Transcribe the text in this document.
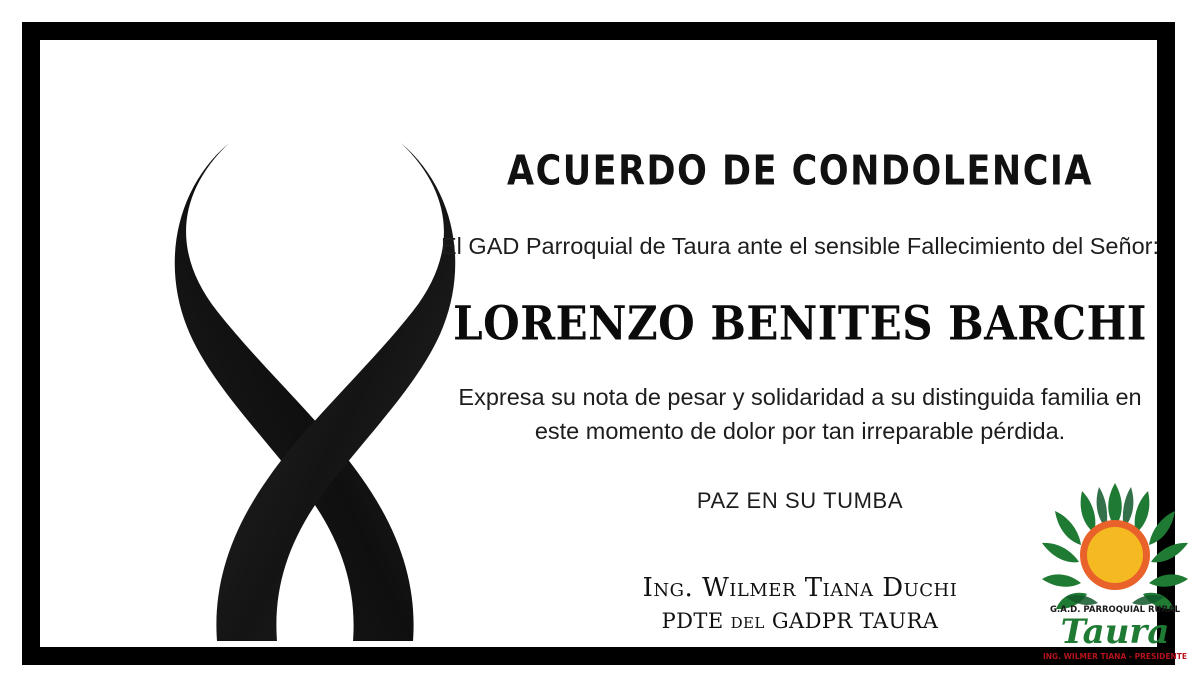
ACUERDO DE CONDOLENCIA
El GAD Parroquial de Taura ante el sensible Fallecimiento del Señor:
LORENZO BENITES BARCHI
Expresa su nota de pesar y solidaridad a su distinguida familia en este momento de dolor por tan irreparable pérdida.
PAZ EN SU TUMBA
Ing. Wilmer Tiana Duchi
PDTE del GADPR TAURA	G.A.D. PARROQUIAL RURAL
Taura
ING. WILMER TIANA - PRESIDENTE
